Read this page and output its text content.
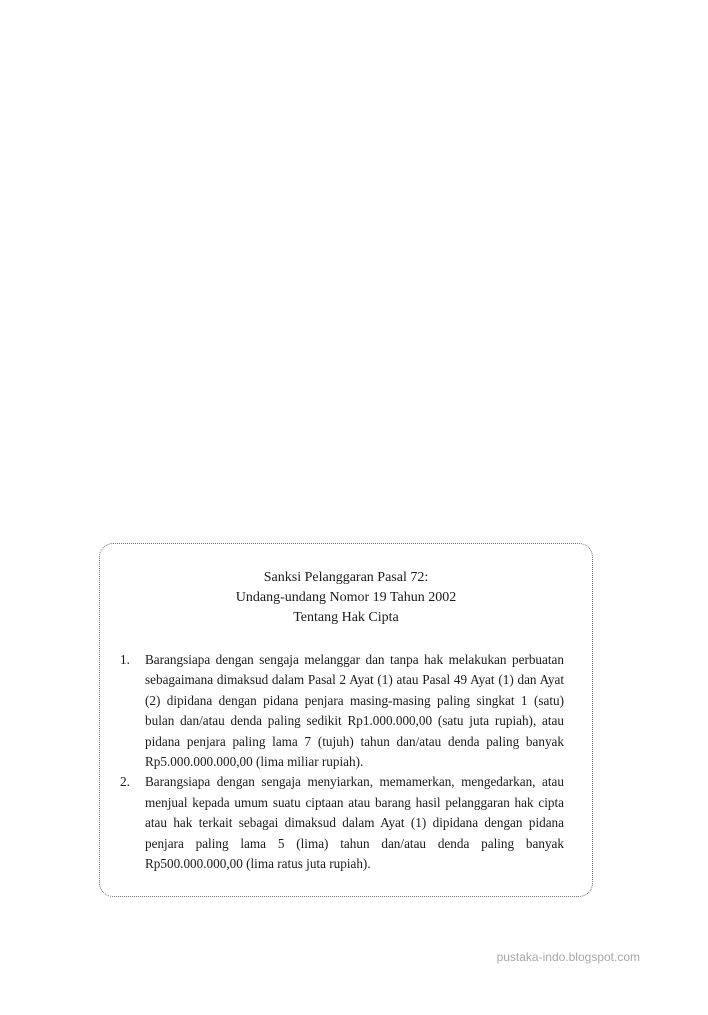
Sanksi Pelanggaran Pasal 72:
Undang-undang Nomor 19 Tahun 2002
Tentang Hak Cipta
1. Barangsiapa dengan sengaja melanggar dan tanpa hak melakukan perbuatan sebagaimana dimaksud dalam Pasal 2 Ayat (1) atau Pasal 49 Ayat (1) dan Ayat (2) dipidana dengan pidana penjara masing-masing paling singkat 1 (satu) bulan dan/atau denda paling sedikit Rp1.000.000,00 (satu juta rupiah), atau pidana penjara paling lama 7 (tujuh) tahun dan/atau denda paling banyak Rp5.000.000.000,00 (lima miliar rupiah).
2. Barangsiapa dengan sengaja menyiarkan, memamerkan, mengedarkan, atau menjual kepada umum suatu ciptaan atau barang hasil pelanggaran hak cipta atau hak terkait sebagai dimaksud dalam Ayat (1) dipidana dengan pidana penjara paling lama 5 (lima) tahun dan/atau denda paling banyak Rp500.000.000,00 (lima ratus juta rupiah).
pustaka-indo.blogspot.com
